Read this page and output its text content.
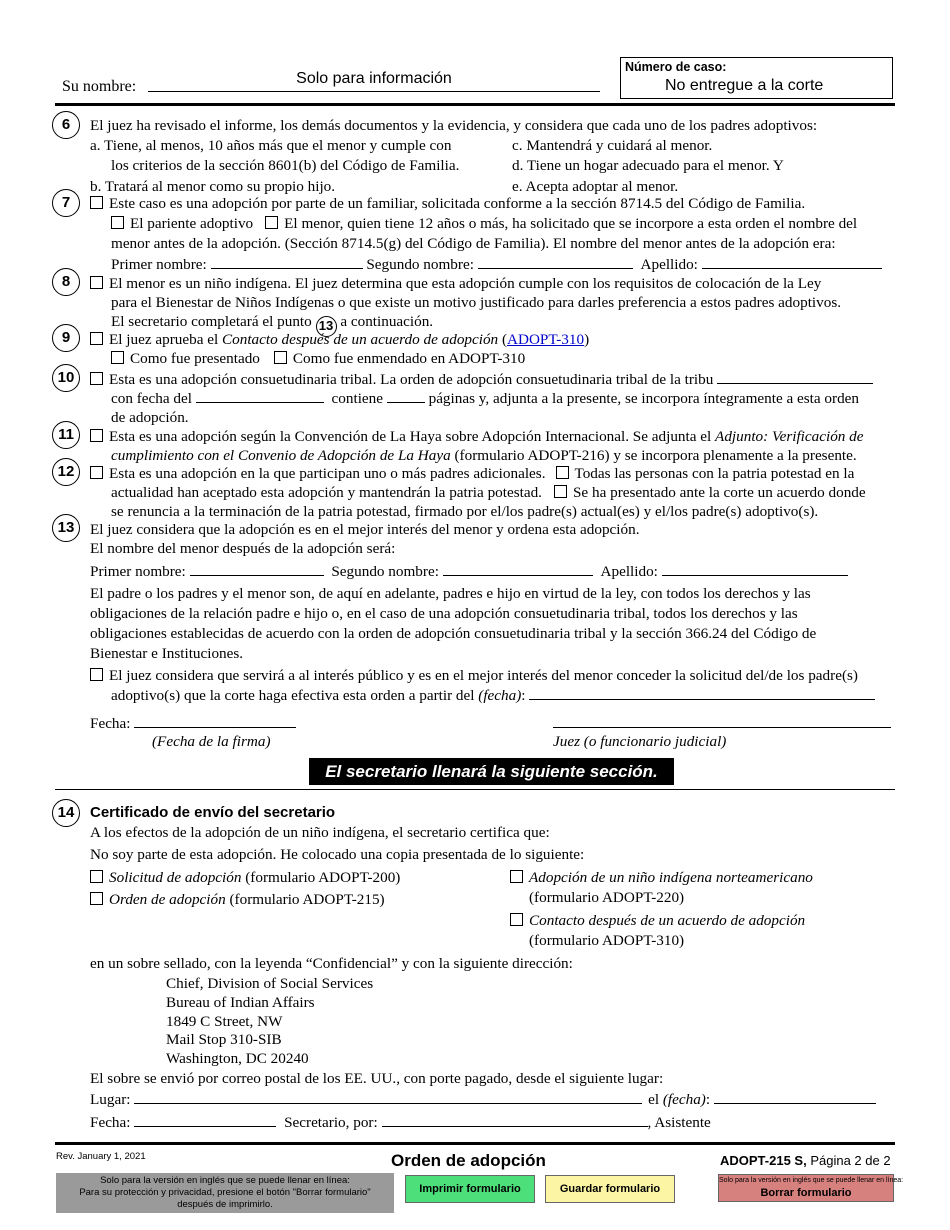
Su nombre:	Solo para información
Número de caso:
No entregue a la corte
6	El juez ha revisado el informe, los demás documentos y la evidencia, y considera que cada uno de los padres adoptivos:
a. Tiene, al menos, 10 años más que el menor y cumple con
los criterios de la sección 8601(b) del Código de Familia.
b. Tratará al menor como su propio hijo.
c. Mantendrá y cuidará al menor.
d. Tiene un hogar adecuado para el menor. Y
e. Acepta adoptar al menor.
7	Este caso es una adopción por parte de un familiar, solicitada conforme a la sección 8714.5 del Código de Familia.
El pariente adoptivo El menor, quien tiene 12 años o más, ha solicitado que se incorpore a esta orden el nombre del
menor antes de la adopción. (Sección 8714.5(g) del Código de Familia). El nombre del menor antes de la adopción era:
Primer nombre:	Segundo nombre:	Apellido:
8	El menor es un niño indígena. El juez determina que esta adopción cumple con los requisitos de colocación de la Ley
para el Bienestar de Niños Indígenas o que existe un motivo justificado para darles preferencia a estos padres adoptivos.
El secretario completará el punto 13 a continuación.
9	El juez aprueba el Contacto después de un acuerdo de adopción (ADOPT-310)
Como fue presentado Como fue enmendado en ADOPT-310
10	Esta es una adopción consuetudinaria tribal. La orden de adopción consuetudinaria tribal de la tribu
con fecha del	contiene	páginas y, adjunta a la presente, se incorpora íntegramente a esta orden
de adopción.
11	Esta es una adopción según la Convención de La Haya sobre Adopción Internacional. Se adjunta el Adjunto: Verificación de
cumplimiento con el Convenio de Adopción de La Haya (formulario ADOPT-216) y se incorpora plenamente a la presente.
12	Esta es una adopción en la que participan uno o más padres adicionales. Todas las personas con la patria potestad en la
actualidad han aceptado esta adopción y mantendrán la patria potestad. Se ha presentado ante la corte un acuerdo donde
se renuncia a la terminación de la patria potestad, firmado por el/los padre(s) actual(es) y el/los padre(s) adoptivo(s).
13	El juez considera que la adopción es en el mejor interés del menor y ordena esta adopción.
El nombre del menor después de la adopción será:
Primer nombre:	Segundo nombre:	Apellido:
El padre o los padres y el menor son, de aquí en adelante, padres e hijo en virtud de la ley, con todos los derechos y las
obligaciones de la relación padre e hijo o, en el caso de una adopción consuetudinaria tribal, todos los derechos y las
obligaciones establecidas de acuerdo con la orden de adopción consuetudinaria tribal y la sección 366.24 del Código de
Bienestar e Instituciones.
El juez considera que servirá a al interés público y es en el mejor interés del menor conceder la solicitud del/de los padre(s)
adoptivo(s) que la corte haga efectiva esta orden a partir del (fecha):
Fecha:
(Fecha de la firma)	Juez (o funcionario judicial)
El secretario llenará la siguiente sección.
14	Certificado de envío del secretario
A los efectos de la adopción de un niño indígena, el secretario certifica que:
No soy parte de esta adopción. He colocado una copia presentada de lo siguiente:
Solicitud de adopción (formulario ADOPT-200)
Orden de adopción (formulario ADOPT-215)
Adopción de un niño indígena norteamericano
(formulario ADOPT-220)
Contacto después de un acuerdo de adopción
(formulario ADOPT-310)
en un sobre sellado, con la leyenda “Confidencial” y con la siguiente dirección:
Chief, Division of Social Services
Bureau of Indian Affairs
1849 C Street, NW
Mail Stop 310-SIB
Washington, DC 20240
El sobre se envió por correo postal de los EE. UU., con porte pagado, desde el siguiente lugar:
Lugar:	el (fecha):
Fecha:	Secretario, por:	, Asistente
Rev. January 1, 2021	Orden de adopción	ADOPT-215 S, Página 2 de 2
Solo para la versión en inglés que se puede llenar en línea:
Para su protección y privacidad, presione el botón "Borrar formulario"
después de imprimirlo.
Imprimir formulario	Guardar formulario
Solo para la versión en inglés que se puede llenar en línea:
Borrar formulario
